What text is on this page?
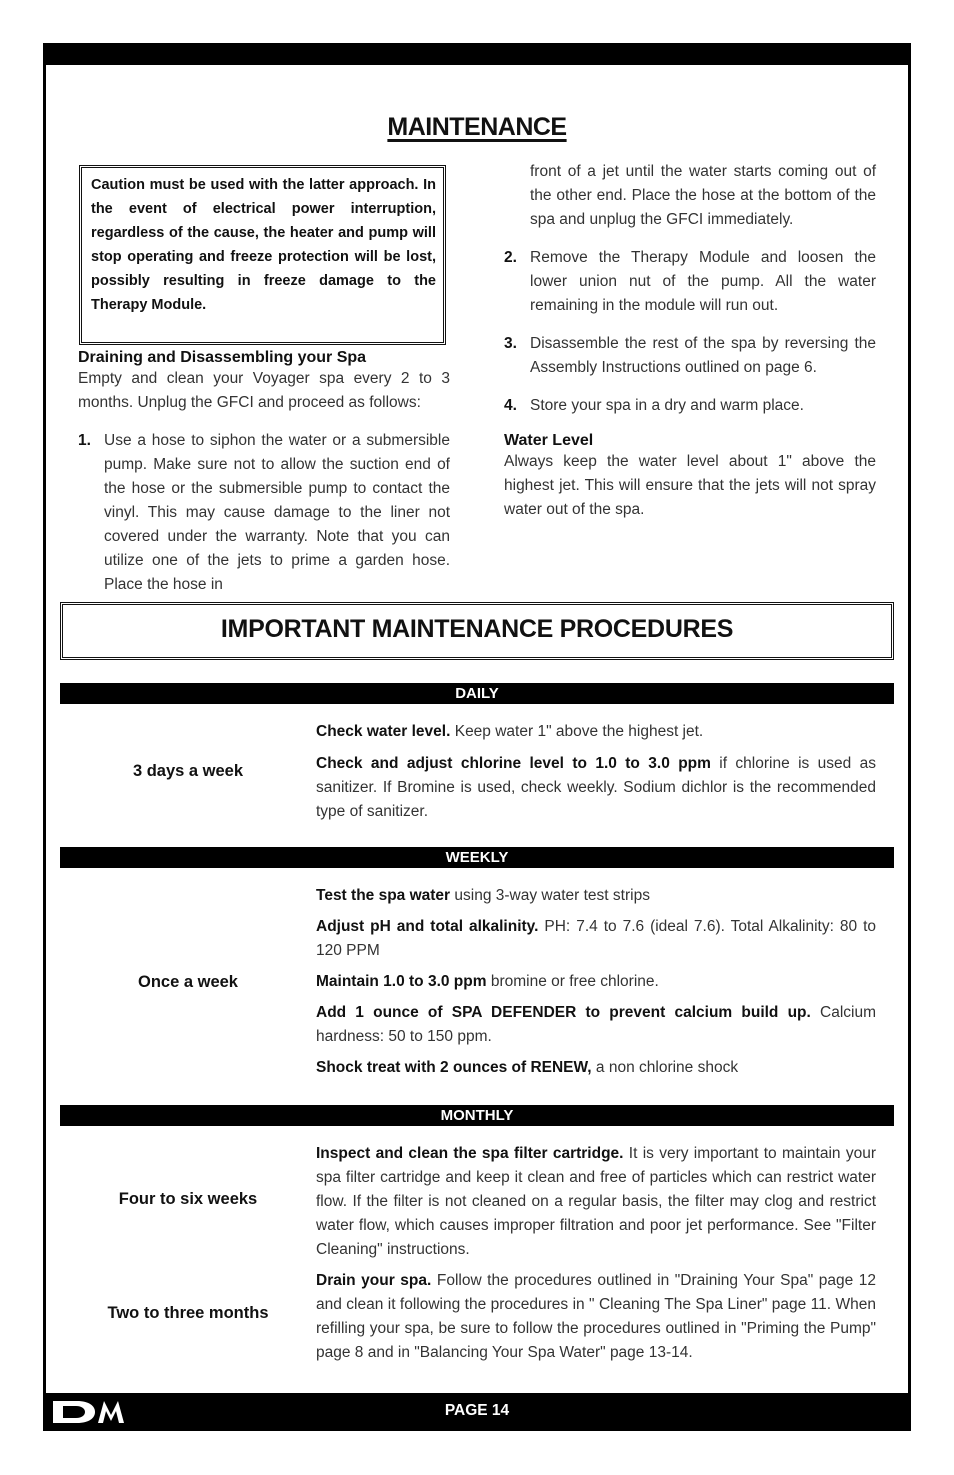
MAINTENANCE

Caution must be used with the latter approach. In the event of electrical power interruption, regardless of the cause, the heater and pump will stop operating and freeze protection will be lost, possibly resulting in freeze damage to the Therapy Module.

Draining and Disassembling your Spa
Empty and clean your Voyager spa every 2 to 3 months. Unplug the GFCI and proceed as follows:
1. Use a hose to siphon the water or a submersible pump. Make sure not to allow the suction end of the hose or the submersible pump to contact the vinyl. This may cause damage to the liner not covered under the warranty. Note that you can utilize one of the jets to prime a garden hose. Place the hose in
front of a jet until the water starts coming out of the other end. Place the hose at the bottom of the spa and unplug the GFCI immediately.
2. Remove the Therapy Module and loosen the lower union nut of the pump. All the water remaining in the module will run out.
3. Disassemble the rest of the spa by reversing the Assembly Instructions outlined on page 6.
4. Store your spa in a dry and warm place.
Water Level
Always keep the water level about 1" above the highest jet. This will ensure that the jets will not spray water out of the spa.
IMPORTANT MAINTENANCE PROCEDURES
DAILY
3 days a week

Check water level. Keep water 1" above the highest jet.

Check and adjust chlorine level to 1.0 to 3.0 ppm if chlorine is used as sanitizer. If Bromine is used, check weekly. Sodium dichlor is the recommended type of sanitizer.

WEEKLY
Once a week

Test the spa water using 3-way water test strips

Adjust pH and total alkalinity. PH: 7.4 to 7.6 (ideal 7.6). Total Alkalinity: 80 to 120 PPM

Maintain 1.0 to 3.0 ppm bromine or free chlorine.

Add 1 ounce of SPA DEFENDER to prevent calcium build up. Calcium hardness: 50 to 150 ppm.

Shock treat with 2 ounces of RENEW, a non chlorine shock

MONTHLY
Four to six weeks

Inspect and clean the spa filter cartridge. It is very important to maintain your spa filter cartridge and keep it clean and free of particles which can restrict water flow. If the filter is not cleaned on a regular basis, the filter may clog and restrict water flow, which causes improper filtration and poor jet performance. See "Filter Cleaning" instructions.

Two to three months

Drain your spa. Follow the procedures outlined in "Draining Your Spa" page 12 and clean it following the procedures in " Cleaning The Spa Liner" page 11. When refilling your spa, be sure to follow the procedures outlined in "Priming the Pump" page 8 and in "Balancing Your Spa Water" page 13-14.

PAGE 14
